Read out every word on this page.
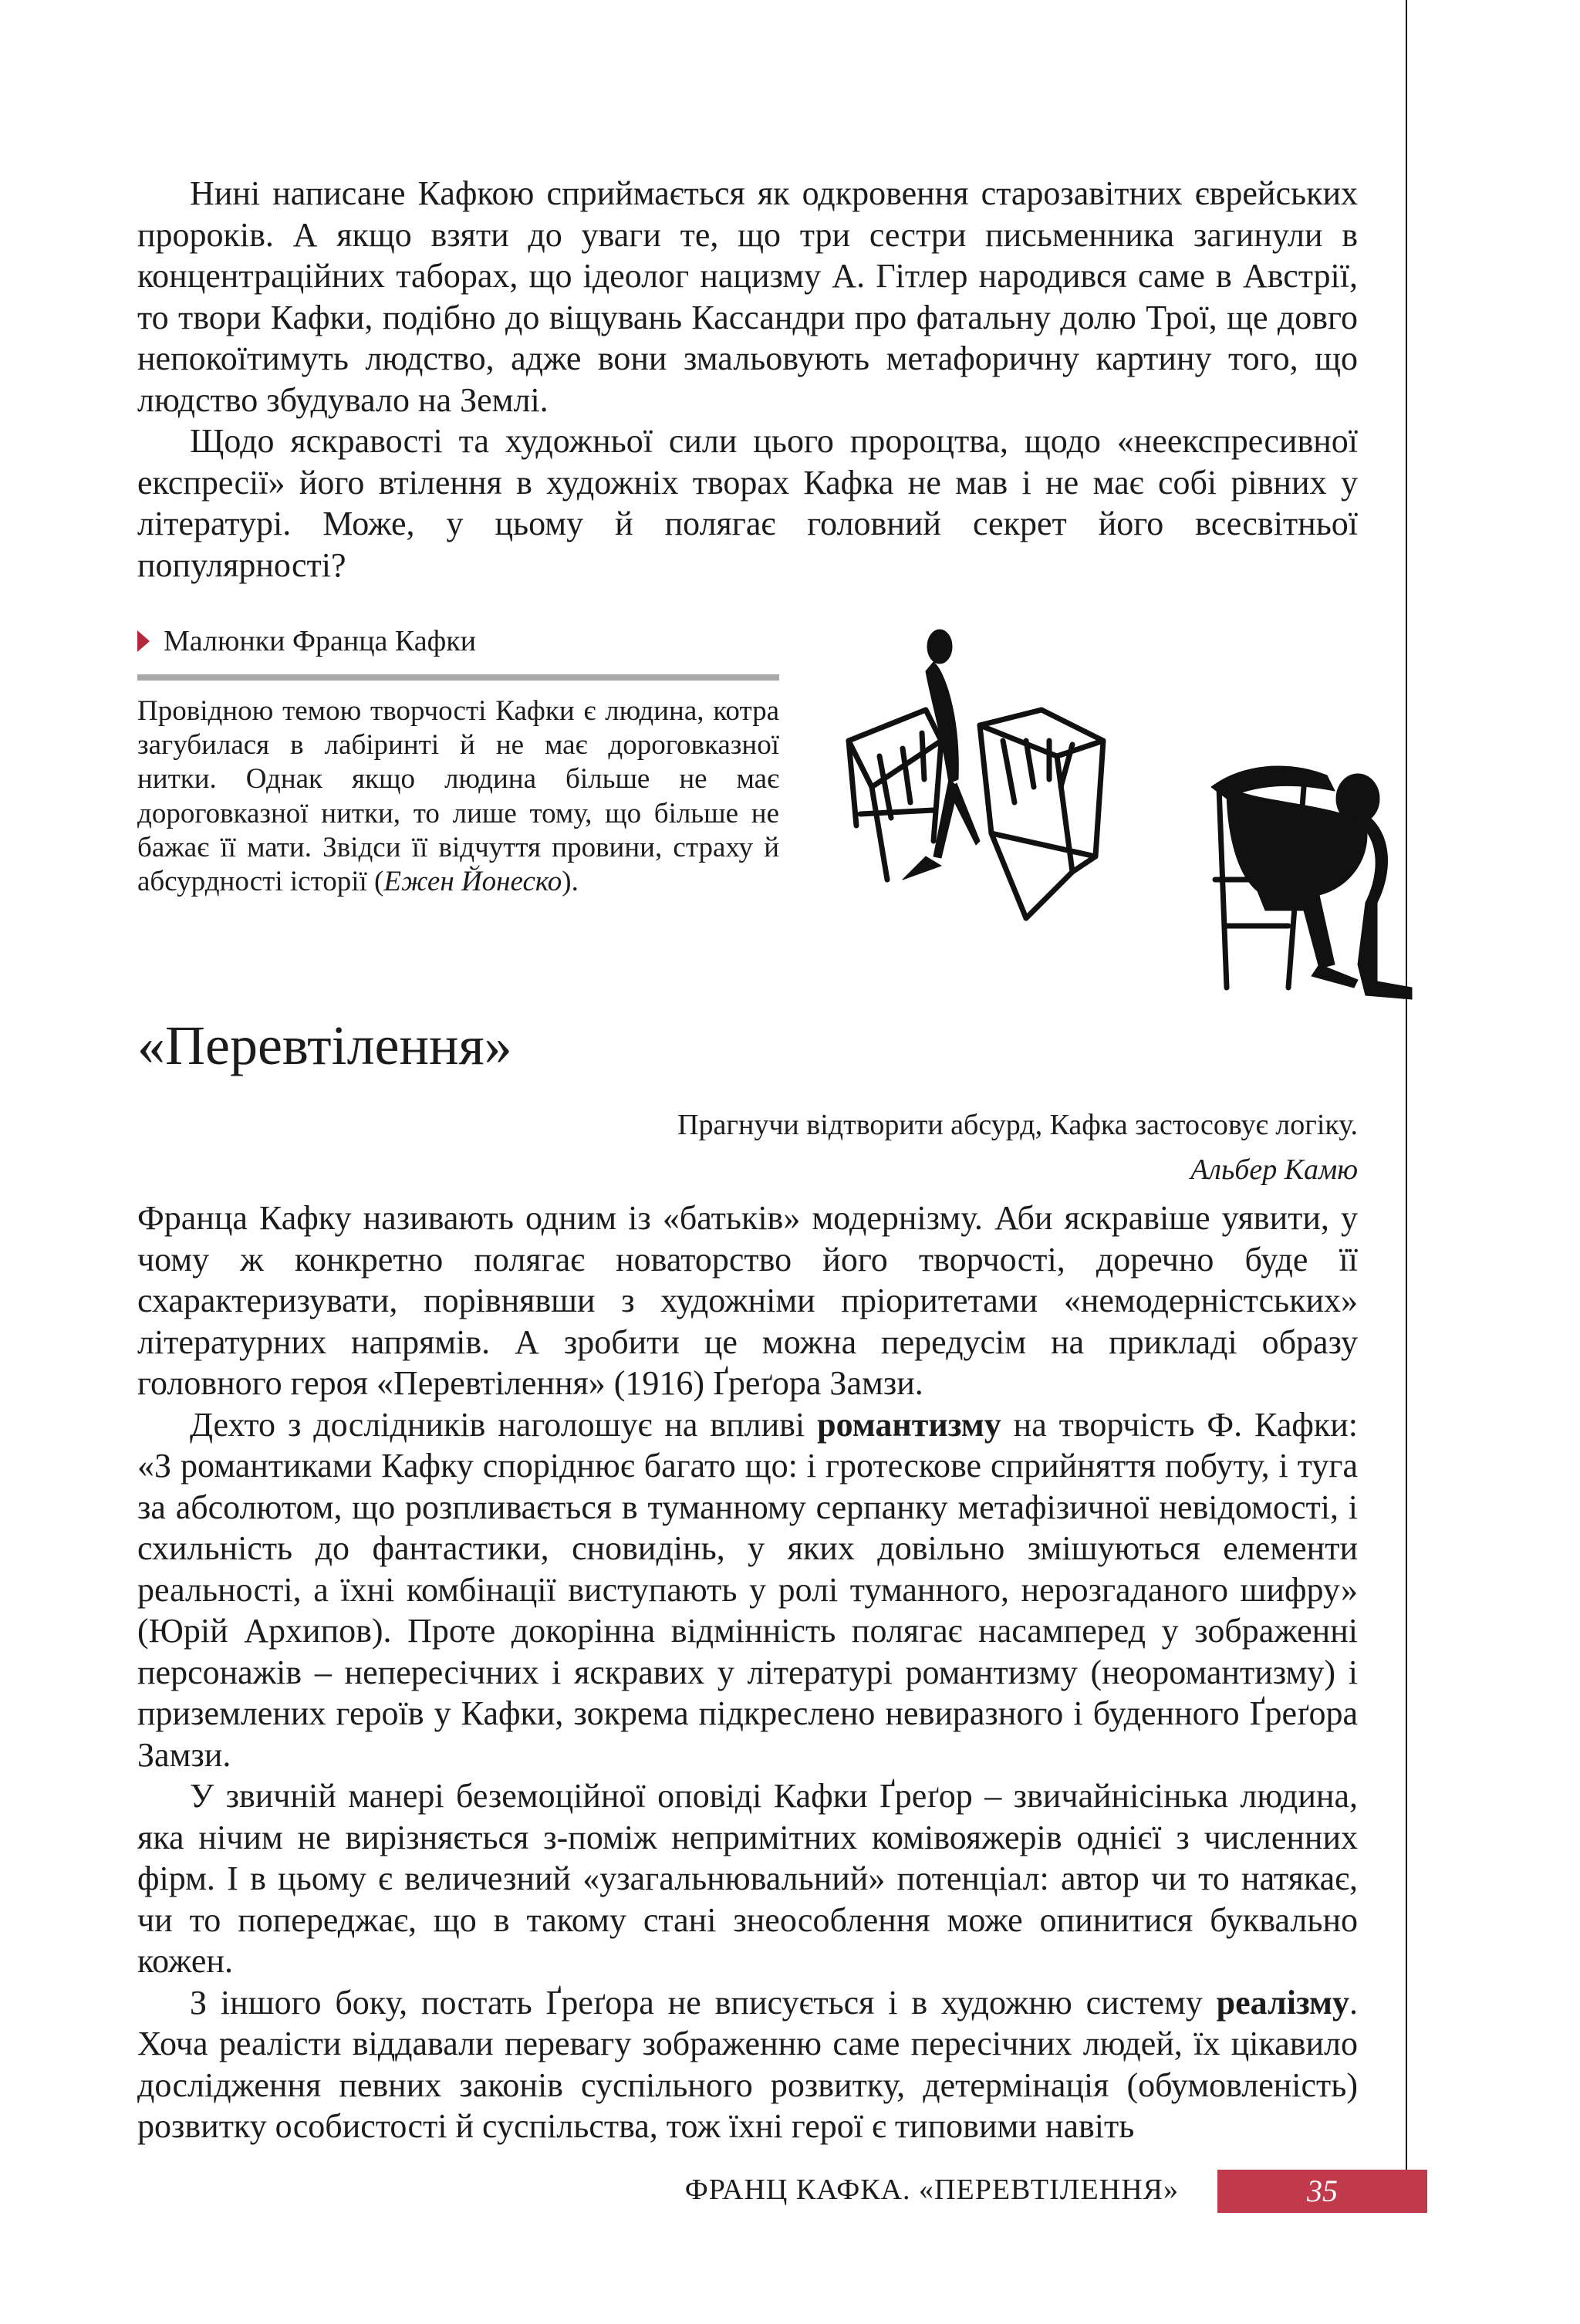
Нині написане Кафкою сприймається як одкровення старозавітних єврейських пророків. А якщо взяти до уваги те, що три сестри письменника загинули в концентраційних таборах, що ідеолог нацизму А. Гітлер народився саме в Австрії, то твори Кафки, подібно до віщувань Кассандри про фатальну долю Трої, ще довго непокоїтимуть людство, адже вони змальовують метафоричну картину того, що людство збудувало на Землі.

Щодо яскравості та художньої сили цього пророцтва, щодо «неекспресивної експресії» його втілення в художніх творах Кафка не мав і не має собі рівних у літературі. Може, у цьому й полягає головний секрет його всесвітньої популярності?

Малюнки Франца Кафки

Провідною темою творчості Кафки є людина, котра загубилася в лабіринті й не має дороговказної нитки. Однак якщо людина більше не має дороговказної нитки, то лише тому, що більше не бажає її мати. Звідси її відчуття провини, страху й абсурдності історії (Ежен Йонеско).

«Перевтілення»
Прагнучи відтворити абсурд, Кафка застосовує логіку.
Альбер Камю

Франца Кафку називають одним із «батьків» модернізму. Аби яскравіше уявити, у чому ж конкретно полягає новаторство його творчості, доречно буде її схарактеризувати, порівнявши з художніми пріоритетами «немодерністських» літературних напрямів. А зробити це можна передусім на прикладі образу головного героя «Перевтілення» (1916) Ґреґора Замзи.

Дехто з дослідників наголошує на впливі романтизму на творчість Ф. Кафки: «З романтиками Кафку споріднює багато що: і гротескове сприйняття побуту, і туга за абсолютом, що розпливається в туманному серпанку метафізичної невідомості, і схильність до фантастики, сновидінь, у яких довільно змішуються елементи реальності, а їхні комбінації виступають у ролі туманного, нерозгаданого шифру» (Юрій Архипов). Проте докорінна відмінність полягає насамперед у зображенні персонажів – непересічних і яскравих у літературі романтизму (неоромантизму) і приземлених героїв у Кафки, зокрема підкреслено невиразного і буденного Ґреґора Замзи.

У звичній манері беземоційної оповіді Кафки Ґреґор – звичайнісінька людина, яка нічим не вирізняється з-поміж непримітних комівояжерів однієї з численних фірм. І в цьому є величезний «узагальнювальний» потенціал: автор чи то натякає, чи то попереджає, що в такому стані знеособлення може опинитися буквально кожен.

З іншого боку, постать Ґреґора не вписується і в художню систему реалізму. Хоча реалісти віддавали перевагу зображенню саме пересічних людей, їх цікавило дослідження певних законів суспільного розвитку, детермінація (обумовленість) розвитку особистості й суспільства, тож їхні герої є типовими навіть

ФРАНЦ КАФКА. «ПЕРЕВТІЛЕННЯ»	35
